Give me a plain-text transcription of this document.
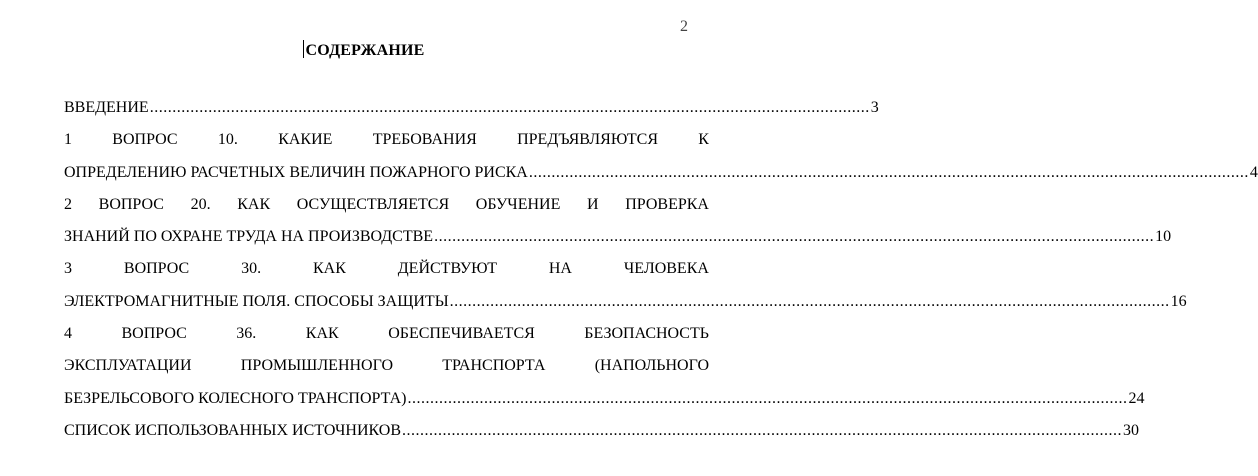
2
СОДЕРЖАНИЕ
ВВЕДЕНИЕ ................................................................................................................................................................ 3
1	ВОПРОС	10.	КАКИЕ	ТРЕБОВАНИЯ	ПРЕДЪЯВЛЯЮТСЯ	К
ОПРЕДЕЛЕНИЮ РАСЧЕТНЫХ ВЕЛИЧИН ПОЖАРНОГО РИСКА ................................................................................................................................................................ 4
2 ВОПРОС 20. КАК ОСУЩЕСТВЛЯЕТСЯ ОБУЧЕНИЕ И ПРОВЕРКА
ЗНАНИЙ ПО ОХРАНЕ ТРУДА НА ПРОИЗВОДСТВЕ ................................................................................................................................................................ 10
3	ВОПРОС	30.	КАК	ДЕЙСТВУЮТ	НА	ЧЕЛОВЕКА
ЭЛЕКТРОМАГНИТНЫЕ ПОЛЯ. СПОСОБЫ ЗАЩИТЫ ................................................................................................................................................................ 16
4	ВОПРОС	36.	КАК	ОБЕСПЕЧИВАЕТСЯ	БЕЗОПАСНОСТЬ
ЭКСПЛУАТАЦИИ	ПРОМЫШЛЕННОГО	ТРАНСПОРТА	(НАПОЛЬНОГО
БЕЗРЕЛЬСОВОГО КОЛЕСНОГО ТРАНСПОРТА) ................................................................................................................................................................ 24
СПИСОК ИСПОЛЬЗОВАННЫХ ИСТОЧНИКОВ ................................................................................................................................................................ 30
